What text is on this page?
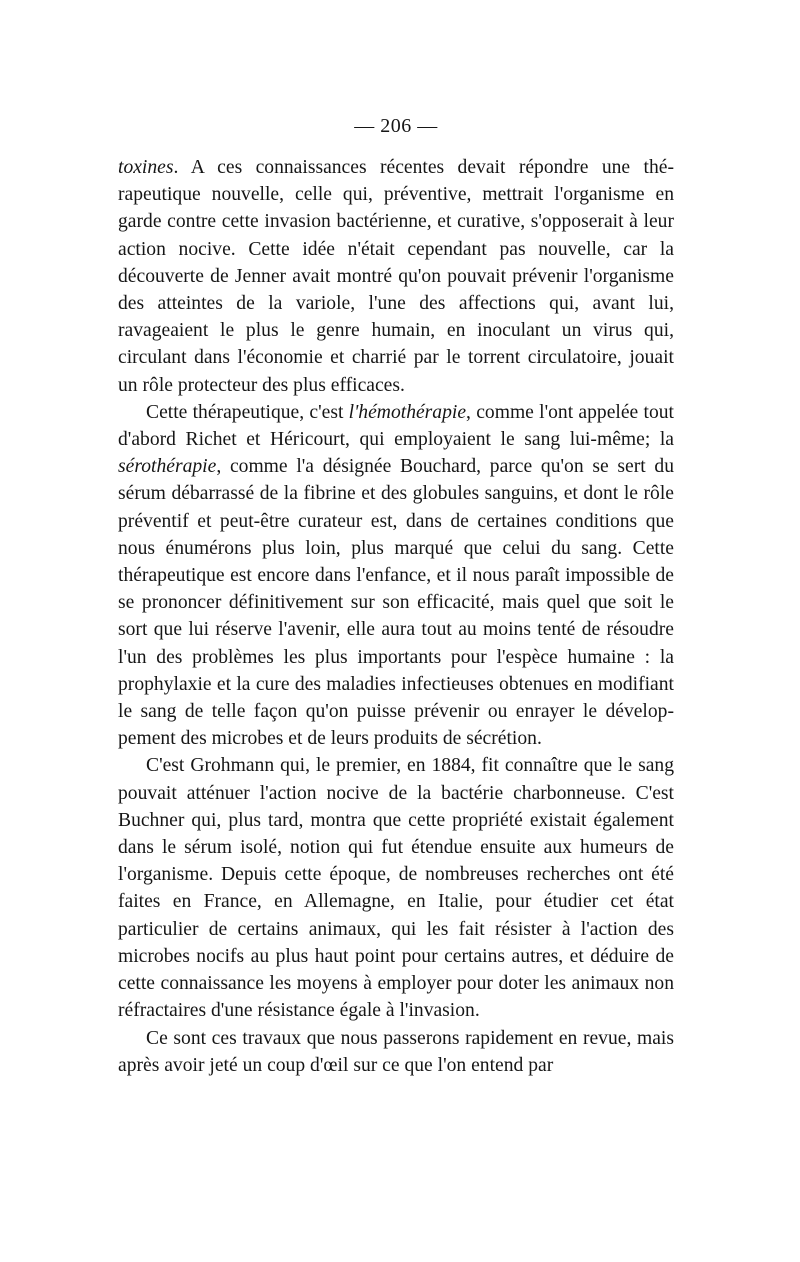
— 206 —

toxines. A ces connaissances récentes devait répondre une thérapeutique nouvelle, celle qui, préventive, mettrait l'organisme en garde contre cette invasion bactérienne, et curative, s'opposerait à leur action nocive. Cette idée n'était cependant pas nouvelle, car la découverte de Jenner avait montré qu'on pouvait prévenir l'organisme des atteintes de la variole, l'une des affections qui, avant lui, ravageaient le plus le genre humain, en inoculant un virus qui, circulant dans l'économie et charrié par le torrent circulatoire, jouait un rôle protecteur des plus efficaces.

Cette thérapeutique, c'est l'hémothérapie, comme l'ont appelée tout d'abord Richet et Héricourt, qui employaient le sang lui-même; la sérothérapie, comme l'a désignée Bouchard, parce qu'on se sert du sérum débarrassé de la fibrine et des globules sanguins, et dont le rôle préventif et peut-être curateur est, dans de certaines conditions que nous énumérons plus loin, plus marqué que celui du sang. Cette thérapeutique est encore dans l'enfance, et il nous paraît impossible de se prononcer définitivement sur son efficacité, mais quel que soit le sort que lui réserve l'avenir, elle aura tout au moins tenté de résoudre l'un des problèmes les plus importants pour l'espèce humaine : la prophylaxie et la cure des maladies infectieuses obtenues en modifiant le sang de telle façon qu'on puisse prévenir ou enrayer le développement des microbes et de leurs produits de sécrétion.

C'est Grohmann qui, le premier, en 1884, fit connaître que le sang pouvait atténuer l'action nocive de la bactérie charbonneuse. C'est Buchner qui, plus tard, montra que cette propriété existait également dans le sérum isolé, notion qui fut étendue ensuite aux humeurs de l'organisme. Depuis cette époque, de nombreuses recherches ont été faites en France, en Allemagne, en Italie, pour étudier cet état particulier de certains animaux, qui les fait résister à l'action des microbes nocifs au plus haut point pour certains autres, et déduire de cette connaissance les moyens à employer pour doter les animaux non réfractaires d'une résistance égale à l'invasion.

Ce sont ces travaux que nous passerons rapidement en revue, mais après avoir jeté un coup d'œil sur ce que l'on entend par
